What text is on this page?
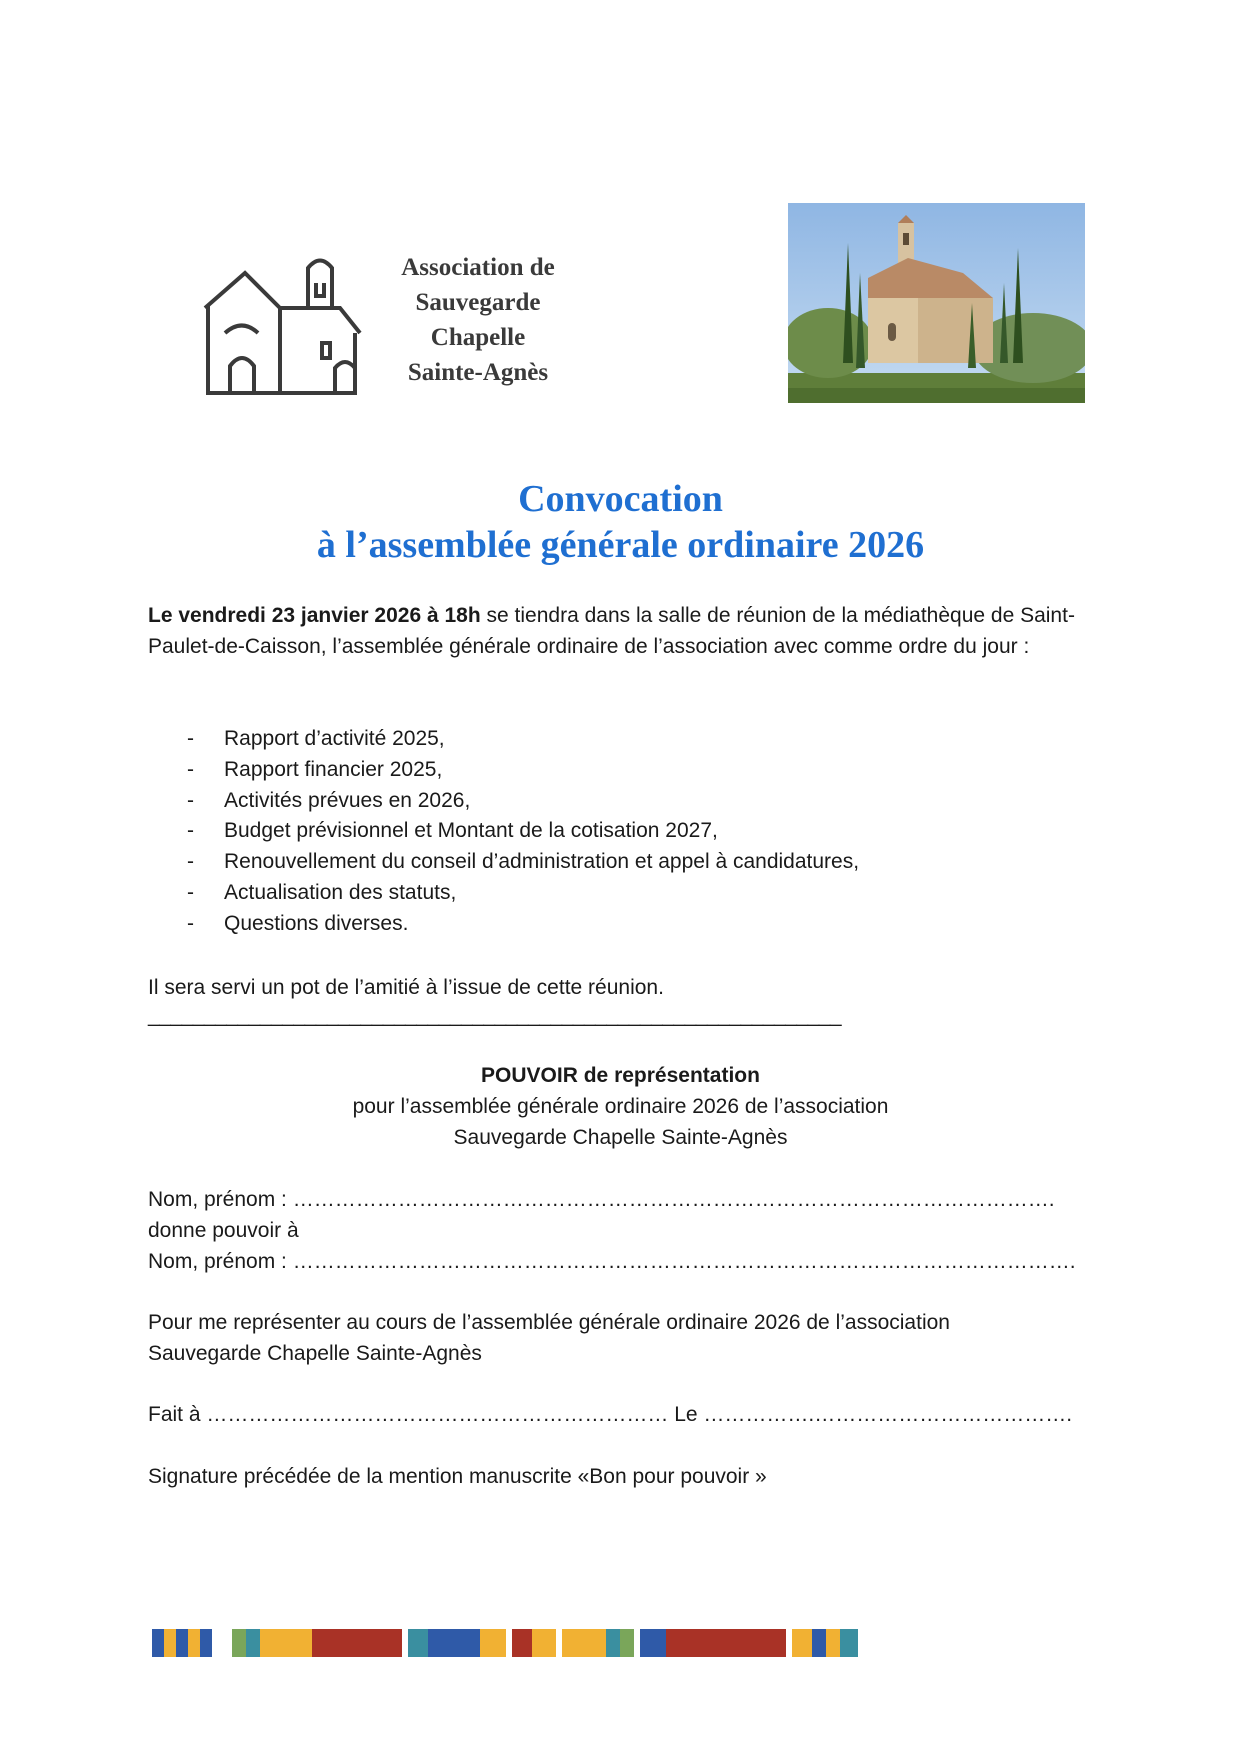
Association de
Sauvegarde
Chapelle
Sainte-Agnès
Convocation
à l’assemblée générale ordinaire 2026
Le vendredi 23 janvier 2026 à 18h se tiendra dans la salle de réunion de la médiathèque de Saint-Paulet-de-Caisson, l’assemblée générale ordinaire de l’association avec comme ordre du jour :
- Rapport d’activité 2025,
- Rapport financier 2025,
- Activités prévues en 2026,
- Budget prévisionnel et Montant de la cotisation 2027,
- Renouvellement du conseil d’administration et appel à candidatures,
- Actualisation des statuts,
- Questions diverses.
Il sera servi un pot de l’amitié à l’issue de cette réunion.
______________________________________________________________
POUVOIR de représentation
pour l’assemblée générale ordinaire 2026 de l’association
Sauvegarde Chapelle Sainte-Agnès
Nom, prénom : ……………………………………………………………………………………………….
donne pouvoir à
Nom, prénom : ………………………………………………………………………………………………….
Pour me représenter au cours de l’assemblée générale ordinaire 2026 de l’association
Sauvegarde Chapelle Sainte-Agnès
Fait à ………………………………………………………… Le …………….……………………………….
Signature précédée de la mention manuscrite «Bon pour pouvoir »
